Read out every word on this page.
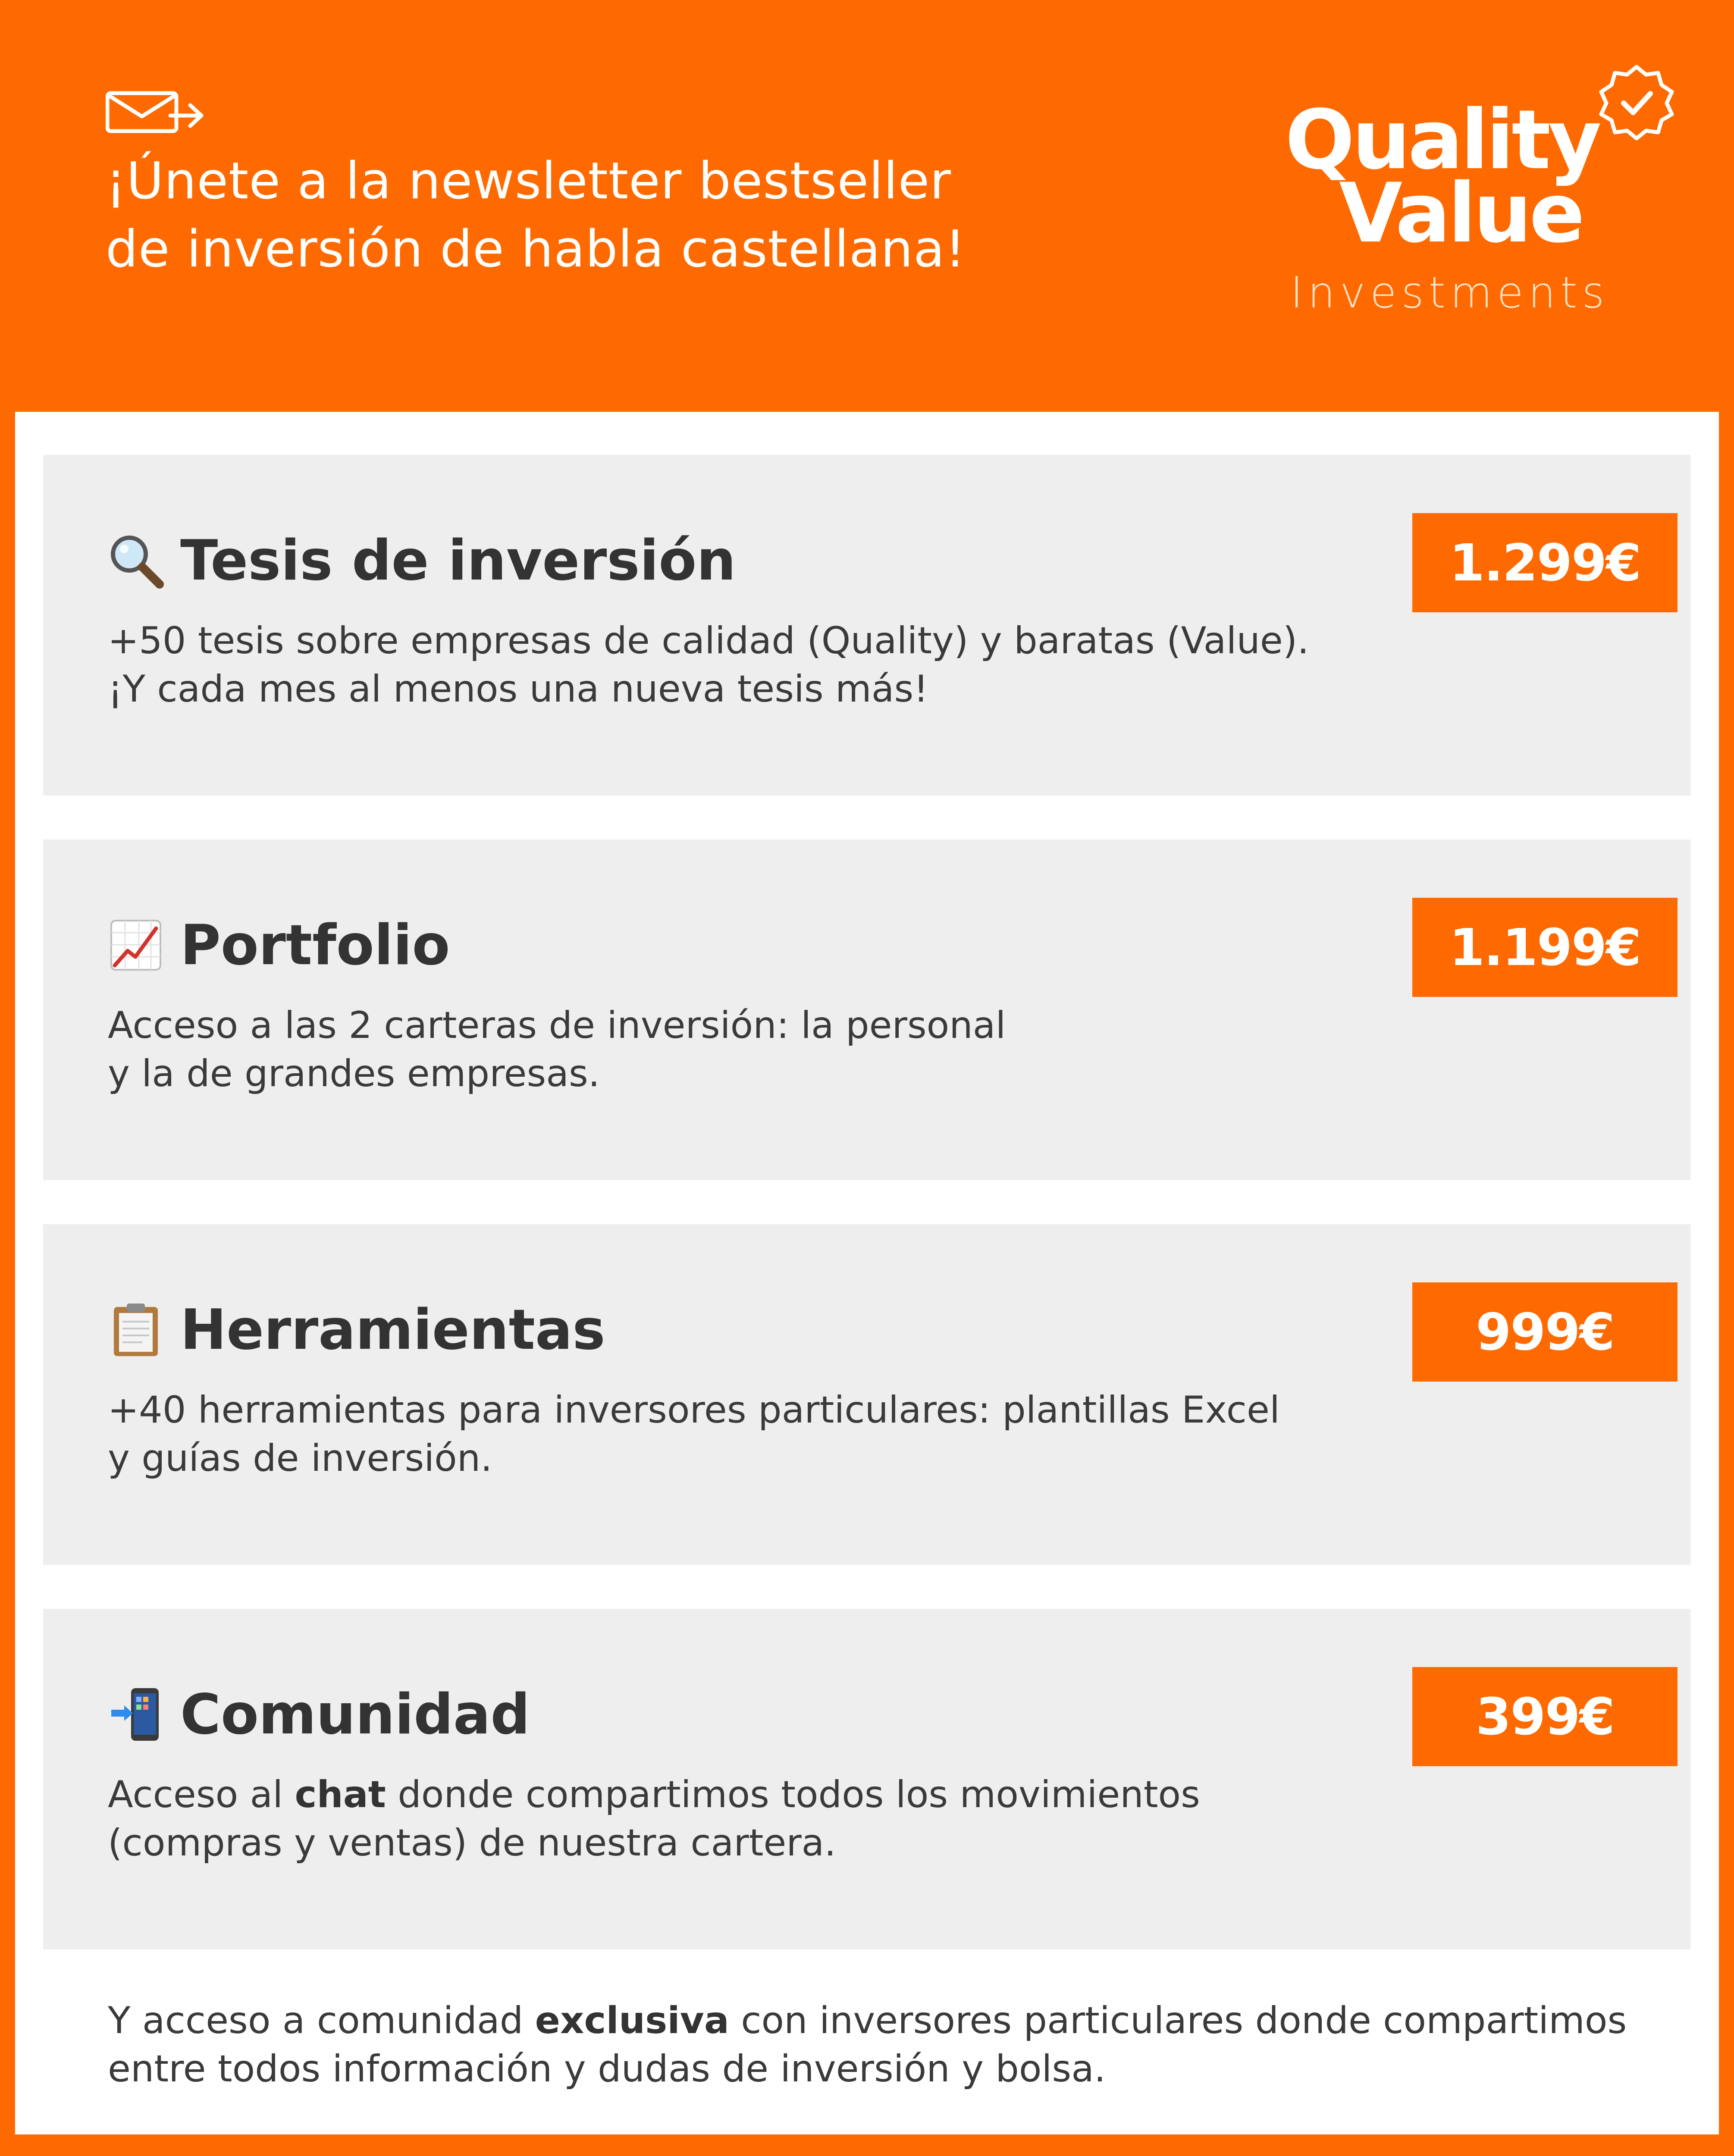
¡Únete a la newsletter bestseller
de inversión de habla castellana!
Quality
Value
Investments
Tesis de inversión
+50 tesis sobre empresas de calidad (Quality) y baratas (Value).
¡Y cada mes al menos una nueva tesis más!
1.299€
Portfolio
Acceso a las 2 carteras de inversión: la personal
y la de grandes empresas.
1.199€
Herramientas
+40 herramientas para inversores particulares: plantillas Excel
y guías de inversión.
999€
Comunidad
Acceso al chat donde compartimos todos los movimientos
(compras y ventas) de nuestra cartera.
399€
Y acceso a comunidad exclusiva con inversores particulares donde compartimos
entre todos información y dudas de inversión y bolsa.
